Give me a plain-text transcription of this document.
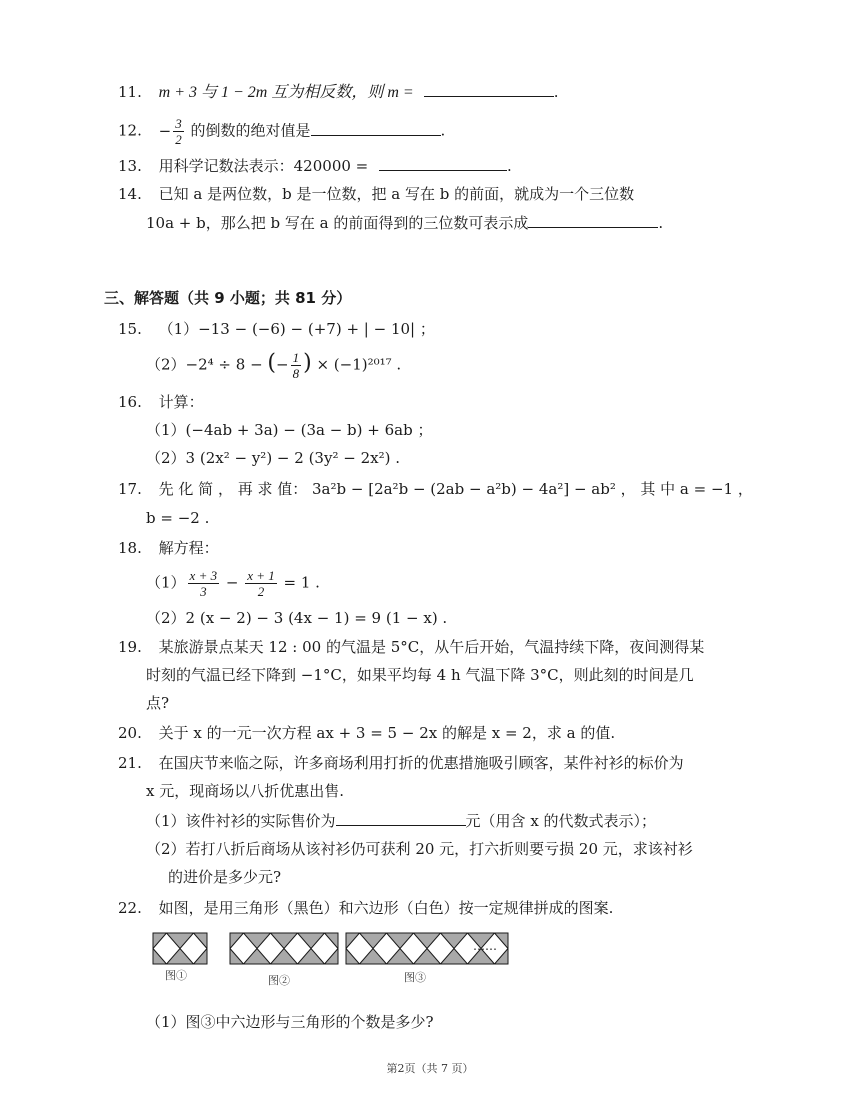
11. m + 3 与 1 − 2m 互为相反数，则 m =	.
12. − $\frac{3}{2}$ 的倒数的绝对值是	.
13. 用科学记数法表示：420000 =	.
14. 已知 a 是两位数，b 是一位数，把 a 写在 b 的前面，就成为一个三位数
10a + b，那么把 b 写在 a 的前面得到的三位数可表示成	.
三、解答题（共 9 小题；共 81 分）
15. （1）−13 − (−6) − (+7) + | − 10| ；
（2）−2⁴ ÷ 8 − (− $\frac{1}{8}$ ) × (−1)²⁰¹⁷ .
16. 计算：
（1）(−4ab + 3a) − (3a − b) + 6ab ；
（2）3 (2x² − y²) − 2 (3y² − 2x²) .
17. 先 化 简 ， 再 求 值： 3a²b − [2a²b − (2ab − a²b) − 4a²] − ab² ， 其 中 a = −1 ，
b = −2 .
18. 解方程：
$(1) \frac{x + 3}{3} - \frac{x + 1}{2} = 1$ .
（2）2 (x − 2) − 3 (4x − 1) = 9 (1 − x) .
19. 某旅游景点某天 12 : 00 的气温是 5°C，从午后开始，气温持续下降，夜间测得某
时刻的气温已经下降到 −1°C，如果平均每 4 h 气温下降 3°C，则此刻的时间是几
点?
20. 关于 x 的一元一次方程 ax + 3 = 5 − 2x 的解是 x = 2，求 a 的值.
21. 在国庆节来临之际，许多商场利用打折的优惠措施吸引顾客，某件衬衫的标价为
x 元，现商场以八折优惠出售.
（1）该件衬衫的实际售价为	元（用含 x 的代数式表示）；
（2）若打八折后商场从该衬衫仍可获利 20 元，打六折则要亏损 20 元，求该衬衫
的进价是多少元?
22. 如图，是用三角形（黑色）和六边形（白色）按一定规律拼成的图案.
……
图①	图②	图③
（1）图③中六边形与三角形的个数是多少?
第2页（共 7 页）
